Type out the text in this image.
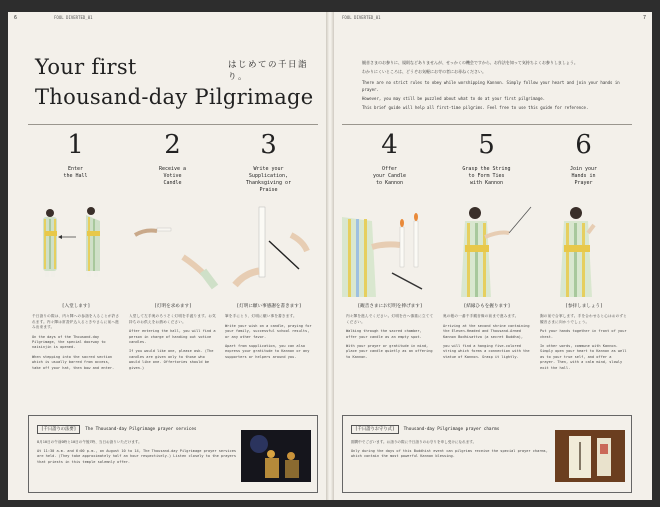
6	FOOL DIVERTED_01
Your first
Thousand-day Pilgrimage
はじめての千日詣り。
1
Enter
the Hall
2
Receive a
Votive
Candle
3
Write your
Supplication,
Thanksgiving or
Praise
[入堂します]

千日詣りの際は、内々陣への参詣を入ることが許されます。内々陣は常香炉込入るときやさらに前へ進み出来ます。

On the days of the Thousand-day Pilgrimage, the special doorway to naisinjin is opened.

When stepping into the sacred section which is usually barred from access, take off your hat, then bow and enter.

[灯明を求めます]

入堂して左手奥のろうそく灯明を手渡ります。お気持ちのお供えをお納めください。

After entering the hall, you will find a person in charge of handing out votive candles.

If you would like one, please ask. (The candles are given only to those who would like one. Offertories should be given.)

[灯明に願い事感謝を書きます]

筆を手にとり、灯明に願い事を書きます。

Write your wish on a candle, praying for your family, successful school results, or any other favor.

Apart from supplication, you can also express your gratitude to Kannon or any supporters or helpers around you.

[千日詣りの法要] The Thousand-day Pilgrimage prayer services
8月10日の午前0時と10日の午後7時、当日お詣りいただけます。
At 11:30 a.m. and 6:00 p.m., on August 10 to 14, The Thousand-day Pilgrimage prayer services are held. (They take approximately half an hour respectively.) Listen closely to the prayers that priests in this temple solemnly offer.
FOOL DIVERTED_01	7

観音さまのお参りに、規則などありませんが、せっかくの機会ですから、お作法を知って気持ちよくお参りしましょう。

わかりにくいところは、どうぞお気軽にお寺の者にお尋ねください。

There are no strict rules to obey while worshipping Kannon. Simply follow your heart and join your hands in prayer.

However, you may still be puzzled about what to do at your first pilgrimage.

This brief guide will help all first-time pilgrims. Feel free to use this guide for reference.

4
Offer
your Candle
to Kannon
5
Grasp the String
to Form Ties
with Kannon
6
Join your
Hands in
Prayer
[観音さまにお灯明を捧げます]

内々陣を進んでください。灯明を台へ慎重に立ててください。

Walking through the sacred chamber, offer your candle as an empty spot.

With your prayer or gratitude in mind, place your candle quietly as an offering to Kannon.

[結縁ひもを握ります]

奥の帳の一番千手観音像の前まで進みます。

Arriving at the second shrine containing the Eleven-Headed and Thousand-Armed Kannon Bodhisattva (a secret Buddha),

you will find a hanging five-colored string which forms a connection with the statue of Kannon. Grasp it lightly.

[参拝しましょう]

胸の前で合掌します。手を合わせると心はおのずと観音さまに向かうでしょう。

Put your hands together in front of your chest.

In other words, commune with Kannon. Simply open your heart to Kannon as well as to your true self, and offer a prayer. Then, with a calm mind, slowly exit the hall.

[千日詣りお守り式] Thousand-day Pilgrimage prayer charms
期間中でございます。お詣りの際に千日詣りのお守りを申し受けになれます。
Only during the days of this Buddhist event can pilgrims receive the special prayer charms, which contain the most powerful Kannon blessing.
